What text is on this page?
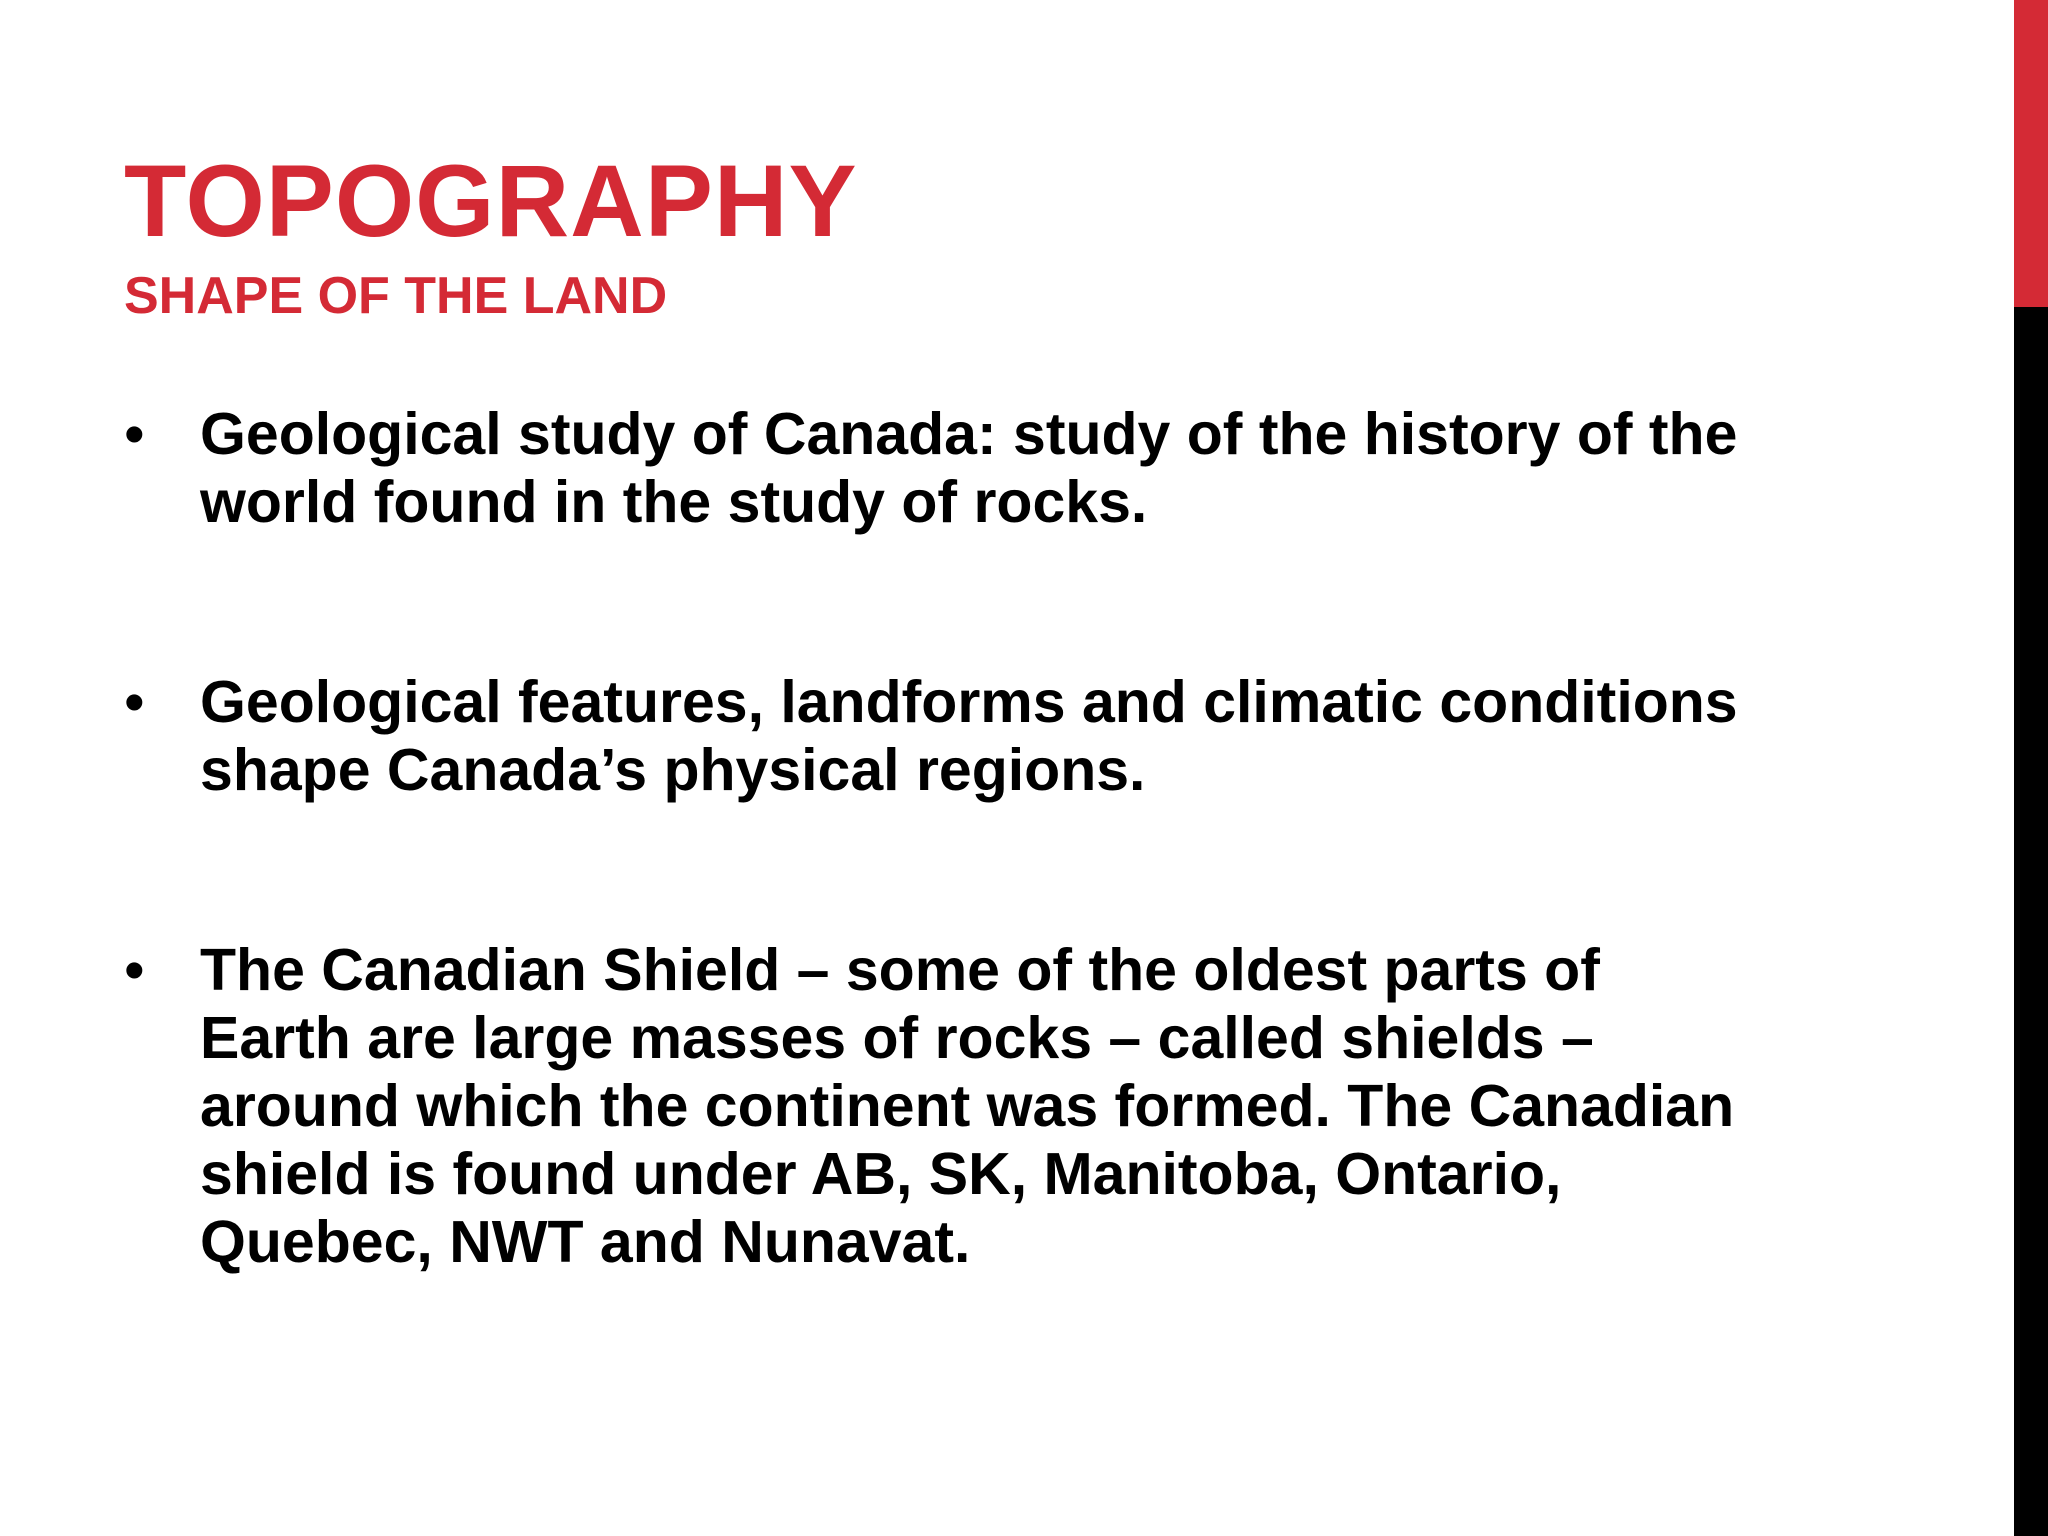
TOPOGRAPHY
SHAPE OF THE LAND
• Geological study of Canada: study of the history of the world found in the study of rocks.
• Geological features, landforms and climatic conditions shape Canada’s physical regions.
• The Canadian Shield – some of the oldest parts of Earth are large masses of rocks – called shields – around which the continent was formed. The Canadian shield is found under AB, SK, Manitoba, Ontario, Quebec, NWT and Nunavat.
